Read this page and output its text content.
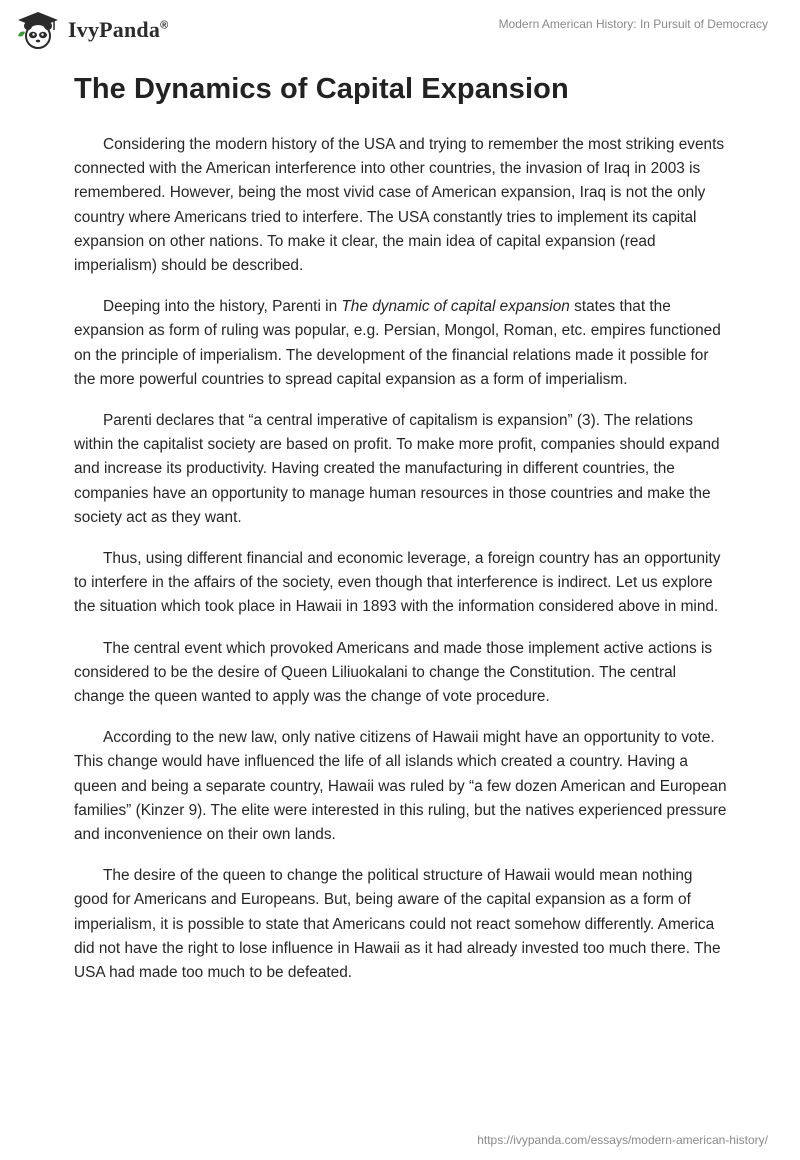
IvyPanda®	Modern American History: In Pursuit of Democracy
The Dynamics of Capital Expansion

Considering the modern history of the USA and trying to remember the most striking events connected with the American interference into other countries, the invasion of Iraq in 2003 is remembered. However, being the most vivid case of American expansion, Iraq is not the only country where Americans tried to interfere. The USA constantly tries to implement its capital expansion on other nations. To make it clear, the main idea of capital expansion (read imperialism) should be described.

Deeping into the history, Parenti in The dynamic of capital expansion states that the expansion as form of ruling was popular, e.g. Persian, Mongol, Roman, etc. empires functioned on the principle of imperialism. The development of the financial relations made it possible for the more powerful countries to spread capital expansion as a form of imperialism.

Parenti declares that “a central imperative of capitalism is expansion” (3). The relations within the capitalist society are based on profit. To make more profit, companies should expand and increase its productivity. Having created the manufacturing in different countries, the companies have an opportunity to manage human resources in those countries and make the society act as they want.

Thus, using different financial and economic leverage, a foreign country has an opportunity to interfere in the affairs of the society, even though that interference is indirect. Let us explore the situation which took place in Hawaii in 1893 with the information considered above in mind.

The central event which provoked Americans and made those implement active actions is considered to be the desire of Queen Liliuokalani to change the Constitution. The central change the queen wanted to apply was the change of vote procedure.

According to the new law, only native citizens of Hawaii might have an opportunity to vote. This change would have influenced the life of all islands which created a country. Having a queen and being a separate country, Hawaii was ruled by “a few dozen American and European families” (Kinzer 9). The elite were interested in this ruling, but the natives experienced pressure and inconvenience on their own lands.

The desire of the queen to change the political structure of Hawaii would mean nothing good for Americans and Europeans. But, being aware of the capital expansion as a form of imperialism, it is possible to state that Americans could not react somehow differently. America did not have the right to lose influence in Hawaii as it had already invested too much there. The USA had made too much to be defeated.

https://ivypanda.com/essays/modern-american-history/
